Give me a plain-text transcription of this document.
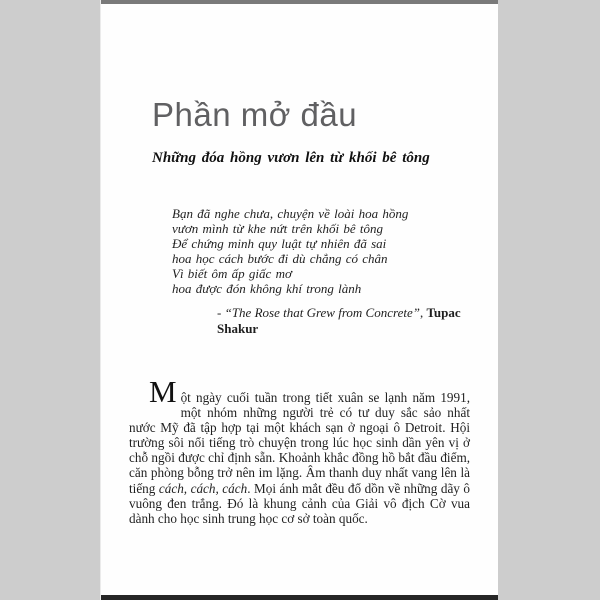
Phần mở đầu
Những đóa hồng vươn lên từ khối bê tông
Bạn đã nghe chưa, chuyện về loài hoa hồng
vươn mình từ khe nứt trên khối bê tông
Để chứng minh quy luật tự nhiên đã sai
hoa học cách bước đi dù chẳng có chân
Vì biết ôm ấp giấc mơ
hoa được đón không khí trong lành
- “The Rose that Grew from Concrete”, Tupac Shakur

Một ngày cuối tuần trong tiết xuân se lạnh năm 1991, một nhóm những người trẻ có tư duy sắc sảo nhất nước Mỹ đã tập hợp tại một khách sạn ở ngoại ô Detroit. Hội trường sôi nổi tiếng trò chuyện trong lúc học sinh dần yên vị ở chỗ ngồi được chỉ định sẵn. Khoảnh khắc đồng hồ bắt đầu điểm, căn phòng bỗng trở nên im lặng. Âm thanh duy nhất vang lên là tiếng cách, cách, cách. Mọi ánh mắt đều đổ dồn về những dãy ô vuông đen trắng. Đó là khung cảnh của Giải vô địch Cờ vua dành cho học sinh trung học cơ sở toàn quốc.
